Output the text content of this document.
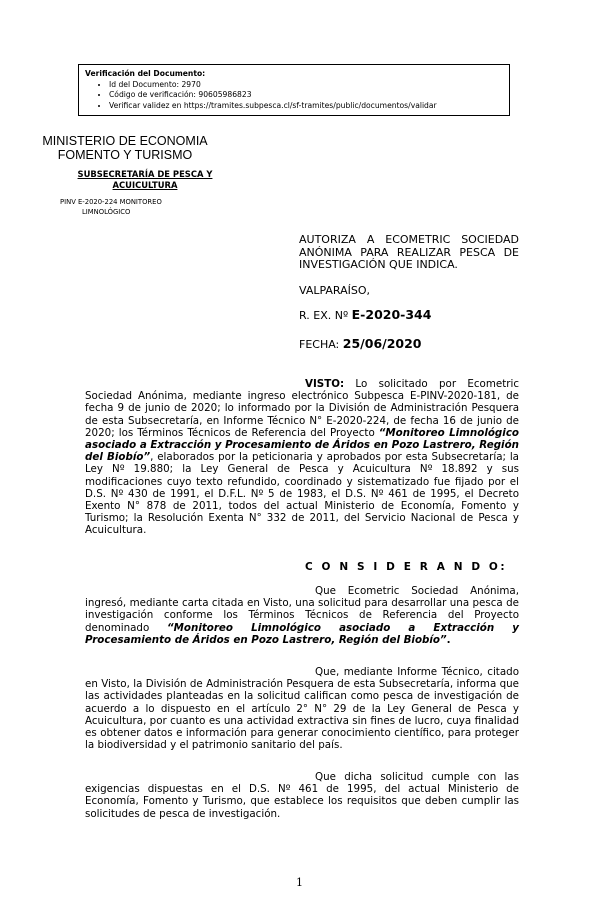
Verificación del Documento:
• Id del Documento: 2970
• Código de verificación: 90605986823
• Verificar validez en https://tramites.subpesca.cl/sf-tramites/public/documentos/validar
MINISTERIO DE ECONOMIA
FOMENTO Y TURISMO
SUBSECRETARÍA DE PESCA Y
ACUICULTURA
PINV E-2020-224 MONITOREO
LIMNOLÓGICO
AUTORIZA A ECOMETRIC SOCIEDAD ANÓNIMA PARA REALIZAR PESCA DE INVESTIGACIÓN QUE INDICA.
VALPARAÍSO,
R. EX. Nº E-2020-344
FECHA: 25/06/2020

VISTO: Lo solicitado por Ecometric Sociedad Anónima, mediante ingreso electrónico Subpesca E-PINV-2020-181, de fecha 9 de junio de 2020; lo informado por la División de Administración Pesquera de esta Subsecretaría, en Informe Técnico N° E-2020-224, de fecha 16 de junio de 2020; los Términos Técnicos de Referencia del Proyecto “Monitoreo Limnológico asociado a Extracción y Procesamiento de Áridos en Pozo Lastrero, Región del Biobío”, elaborados por la peticionaria y aprobados por esta Subsecretaría; la Ley Nº 19.880; la Ley General de Pesca y Acuicultura Nº 18.892 y sus modificaciones cuyo texto refundido, coordinado y sistematizado fue fijado por el D.S. Nº 430 de 1991, el D.F.L. Nº 5 de 1983, el D.S. Nº 461 de 1995, el Decreto Exento N° 878 de 2011, todos del actual Ministerio de Economía, Fomento y Turismo; la Resolución Exenta N° 332 de 2011, del Servicio Nacional de Pesca y Acuicultura.

C O N S I D E R A N D O:

Que Ecometric Sociedad Anónima, ingresó, mediante carta citada en Visto, una solicitud para desarrollar una pesca de investigación conforme los Términos Técnicos de Referencia del Proyecto denominado “Monitoreo Limnológico asociado a Extracción y Procesamiento de Áridos en Pozo Lastrero, Región del Biobío”.

Que, mediante Informe Técnico, citado en Visto, la División de Administración Pesquera de esta Subsecretaría, informa que las actividades planteadas en la solicitud califican como pesca de investigación de acuerdo a lo dispuesto en el artículo 2° N° 29 de la Ley General de Pesca y Acuicultura, por cuanto es una actividad extractiva sin fines de lucro, cuya finalidad es obtener datos e información para generar conocimiento científico, para proteger la biodiversidad y el patrimonio sanitario del país.

Que dicha solicitud cumple con las exigencias dispuestas en el D.S. Nº 461 de 1995, del actual Ministerio de Economía, Fomento y Turismo, que establece los requisitos que deben cumplir las solicitudes de pesca de investigación.

1
